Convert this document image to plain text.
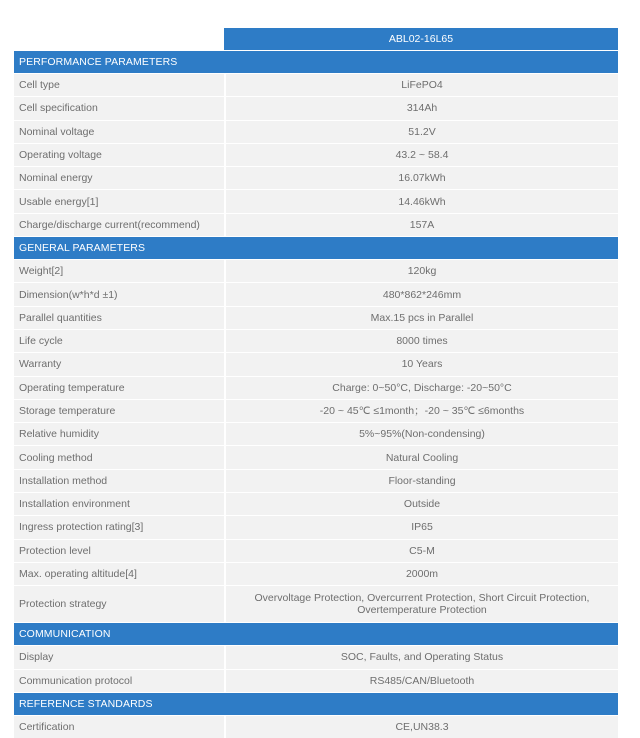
ABL02-16L65
PERFORMANCE PARAMETERS
Cell type	LiFePO4
Cell specification	314Ah
Nominal voltage	51.2V
Operating voltage	43.2 ~ 58.4
Nominal energy	16.07kWh
Usable energy[1]	14.46kWh
Charge/discharge current(recommend)	157A
GENERAL PARAMETERS
Weight[2]	120kg
Dimension(w*h*d ±1)	480*862*246mm
Parallel quantities	Max.15 pcs in Parallel
Life cycle	8000 times
Warranty	10 Years
Operating temperature	Charge: 0~50°C, Discharge: -20~50°C
Storage temperature	-20 ~ 45℃ ≤1month；-20 ~ 35℃ ≤6months
Relative humidity	5%~95%(Non-condensing)
Cooling method	Natural Cooling
Installation method	Floor-standing
Installation environment	Outside
Ingress protection rating[3]	IP65
Protection level	C5-M
Max. operating altitude[4]	2000m
Protection strategy	Overvoltage Protection, Overcurrent Protection, Short Circuit Protection, Overtemperature Protection
COMMUNICATION
Display	SOC, Faults, and Operating Status
Communication protocol	RS485/CAN/Bluetooth
REFERENCE STANDARDS
Certification	CE,UN38.3
